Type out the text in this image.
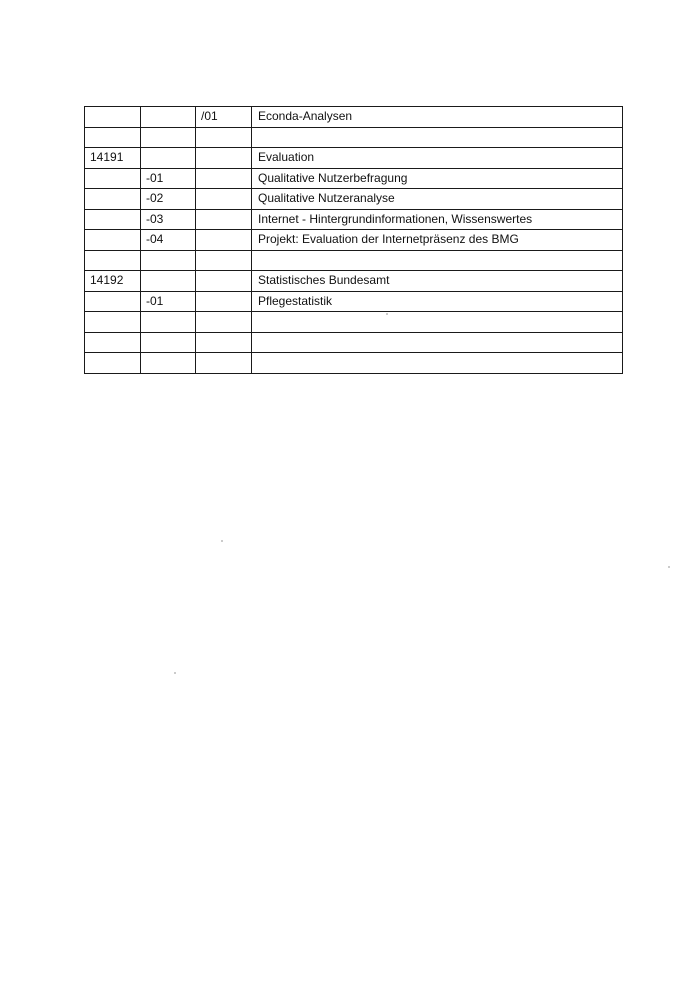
		/01	Econda-Analysen

14191			Evaluation
	-01		Qualitative Nutzerbefragung
	-02		Qualitative Nutzeranalyse
	-03		Internet - Hintergrundinformationen, Wissenswertes
	-04		Projekt: Evaluation der Internetpräsenz des BMG

14192			Statistisches Bundesamt
	-01		Pflegestatistik
